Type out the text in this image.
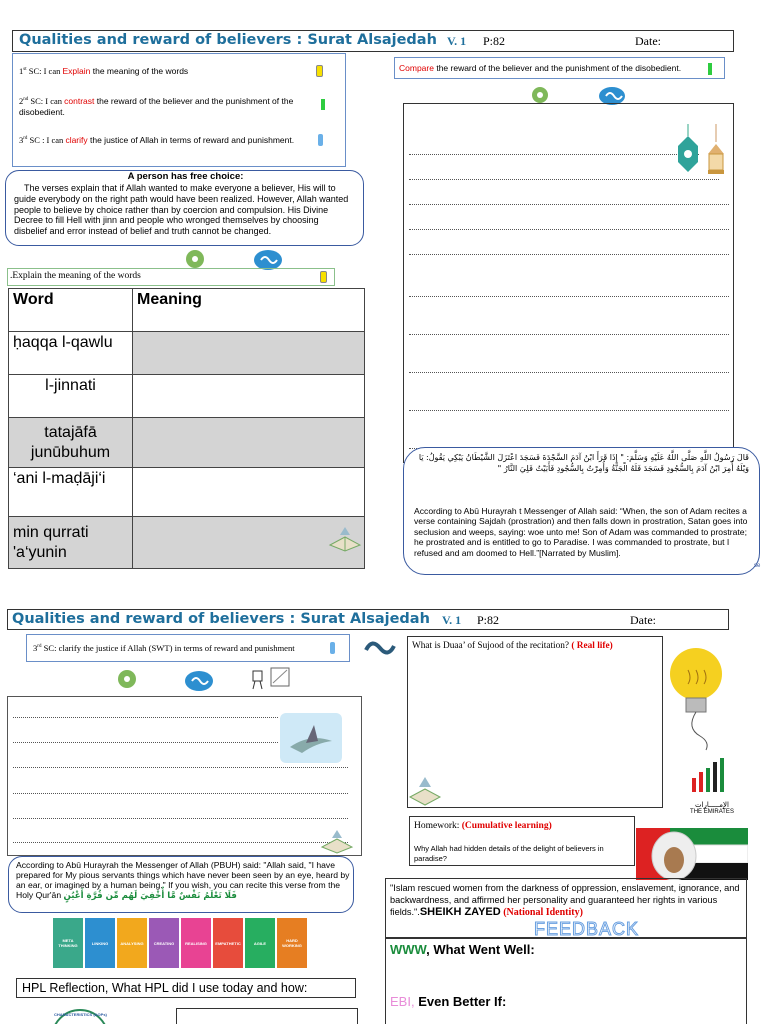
Qualities and reward of believers : Surat Alsajedah V. 1 P:82	Date:
1st SC: I can Explain the meaning of the words
2nd SC: I can contrast the reward of the believer and the punishment of the disobedient.
3rd SC : I can clarify the justice of Allah in terms of reward and punishment.
Compare the reward of the believer and the punishment of the disobedient.
A person has free choice:
The verses explain that if Allah wanted to make everyone a believer, His will to guide everybody on the right path would have been realized. However, Allah wanted people to believe by choice rather than by coercion and compulsion. His Divine Decree to fill Hell with jinn and people who wronged themselves by choosing disbelief and error instead of belief and truth cannot be changed.
.Explain the meaning of the words
Word	Meaning
ḥaqqa l-qawlu	
l-jinnati	
tatajāfā junūbuhum	
‘ani l-maḍāji‘i	
min qurrati 'a‘yunin	
قَالَ رَسُولُ اللَّهِ صَلَّى اللَّهُ عَلَيْهِ وَسَلَّمَ: " إِذَا قَرَأَ ابْنُ آدَمَ السَّجْدَةَ فَسَجَدَ اعْتَزَلَ الشَّيْطَانُ يَبْكِي يَقُولُ: يَا وَيْلَهُ أُمِرَ ابْنُ آدَمَ بِالسُّجُودِ فَسَجَدَ فَلَهُ الْجَنَّةُ وَأُمِرْتُ بِالسُّجُودِ فَأَبَيْتُ فَلِيَ النَّارُ "
According to Abū Hurayrah t Messenger of Allah said: “When, the son of Adam recites a verse containing Sajdah (prostration) and then falls down in prostration, Satan goes into seclusion and weeps, saying: woe unto me! Son of Adam was commanded to prostrate; he prostrated and is entitled to go to Paradise. I was commanded to prostrate, but I refused and am doomed to Hell.”[Narrated by Muslim].
se
Qualities and reward of believers : Surat Alsajedah V. 1 P:82	Date:
3rd SC: clarify the justice if Allah (SWT) in terms of reward and punishment	What is Duaa’ of Sujood of the recitation? ( Real life)
الإمـــــارات
THE EMIRATES
Homework: (Cumulative learning)
Why Allah had hidden details of the delight of believers in paradise?
According to Abū Hurayrah the Messenger of Allah (PBUH) said: "Allah said, "I have prepared for My pious servants things which have never been seen by an eye, heard by an ear, or imagined by a human being." If you wish, you can recite this verse from the Holy Qur'ān فَلَا تَعْلَمُ نَفْسٌ مَّا أُخْفِيَ لَهُم مِّن قُرَّةِ أَعْيُنٍ
"Islam rescued women from the darkness of oppression, enslavement, ignorance, and backwardness, and affirmed her personality and guaranteed her rights in various fields.".SHEIKH ZAYED (National Identity)
FEEDBACK
META THINKING	LINKING	ANALYSING	CREATING	REALISING EMPATHETIC	AGILE	HARD WORKING
HPL Reflection, What HPL did I use today and how:
CHARACTERISTICS (AOPs)
WWW, What Went Well:
EBI, Even Better If:
